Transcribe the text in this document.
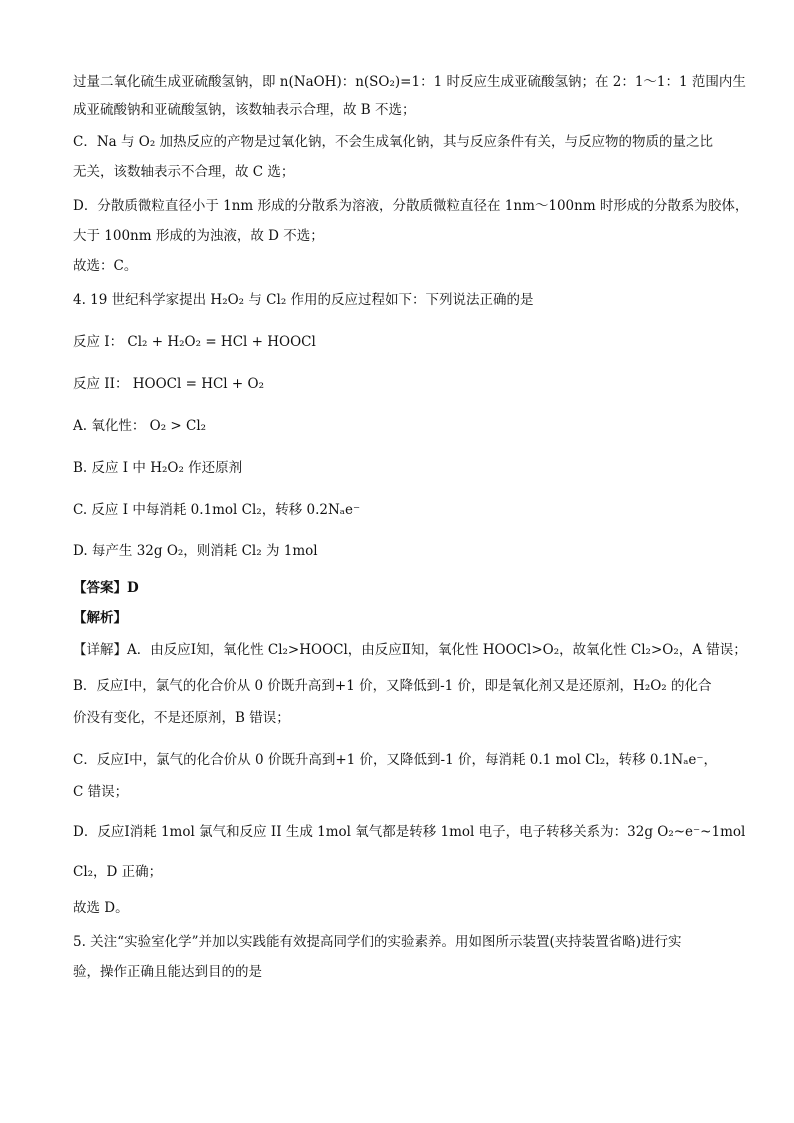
过量二氧化硫生成亚硫酸氢钠，即 n(NaOH)：n(SO₂)=1：1 时反应生成亚硫酸氢钠；在 2：1～1：1 范围内生
成亚硫酸钠和亚硫酸氢钠，该数轴表示合理，故 B 不选；
C．Na 与 O₂ 加热反应的产物是过氧化钠，不会生成氧化钠，其与反应条件有关，与反应物的物质的量之比
无关，该数轴表示不合理，故 C 选；
D．分散质微粒直径小于 1nm 形成的分散系为溶液，分散质微粒直径在 1nm～100nm 时形成的分散系为胶体，
大于 100nm 形成的为浊液，故 D 不选；
故选：C。
4. 19 世纪科学家提出 H₂O₂ 与 Cl₂ 作用的反应过程如下：下列说法正确的是
反应 I： Cl₂ + H₂O₂ = HCl + HOOCl
反应 II： HOOCl = HCl + O₂
A. 氧化性： O₂ > Cl₂
B. 反应 I 中 H₂O₂ 作还原剂
C. 反应 I 中每消耗 0.1mol Cl₂，转移 0.2Nₐe⁻
D. 每产生 32g O₂，则消耗 Cl₂ 为 1mol
【答案】D
【解析】
【详解】A．由反应Ⅰ知，氧化性 Cl₂>HOOCl，由反应Ⅱ知，氧化性 HOOCl>O₂，故氧化性 Cl₂>O₂，A 错误；
B．反应Ⅰ中，氯气的化合价从 0 价既升高到+1 价，又降低到-1 价，即是氧化剂又是还原剂，H₂O₂ 的化合
价没有变化，不是还原剂，B 错误；
C．反应Ⅰ中，氯气的化合价从 0 价既升高到+1 价，又降低到-1 价，每消耗 0.1 mol Cl₂，转移 0.1Nₐe⁻，
C 错误；
D．反应Ⅰ消耗 1mol 氯气和反应 II 生成 1mol 氧气都是转移 1mol 电子，电子转移关系为：32g O₂~e⁻~1mol
Cl₂，D 正确；
故选 D。
5. 关注“实验室化学”并加以实践能有效提高同学们的实验素养。用如图所示装置(夹持装置省略)进行实
验，操作正确且能达到目的的是
